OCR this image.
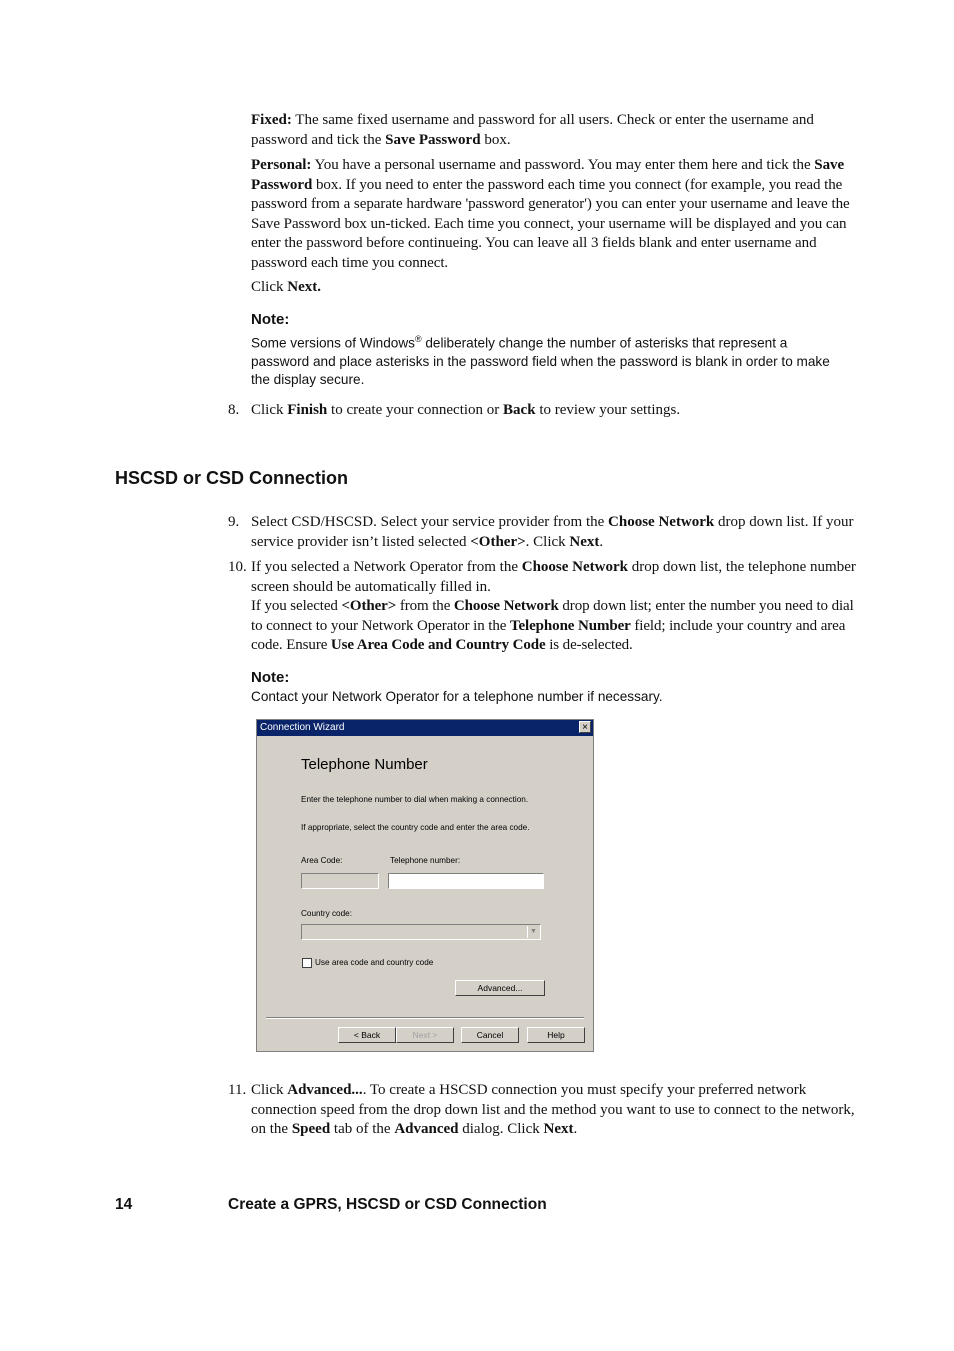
Fixed: The same fixed username and password for all users. Check or enter the username and password and tick the Save Password box.

Personal: You have a personal username and password. You may enter them here and tick the Save Password box. If you need to enter the password each time you connect (for example, you read the password from a separate hardware 'password generator') you can enter your username and leave the Save Password box un-ticked. Each time you connect, your username will be displayed and you can enter the password before continueing. You can leave all 3 fields blank and enter username and password each time you connect.

Click Next.

Note:

Some versions of Windows® deliberately change the number of asterisks that represent a password and place asterisks in the password field when the password is blank in order to make the display secure.

8. Click Finish to create your connection or Back to review your settings.

HSCSD or CSD Connection
9. Select CSD/HSCSD. Select your service provider from the Choose Network drop down list. If your service provider isn’t listed selected <Other>. Click Next.

10. If you selected a Network Operator from the Choose Network drop down list, the telephone number screen should be automatically filled in.

If you selected <Other> from the Choose Network drop down list; enter the number you need to dial to connect to your Network Operator in the Telephone Number field; include your country and area code. Ensure Use Area Code and Country Code is de-selected.

Note:
Contact your Network Operator for a telephone number if necessary.
Connection Wizard	×
Telephone Number
Enter the telephone number to dial when making a connection.
If appropriate, select the country code and enter the area code.
Area Code:	Telephone number:
Country code:
▼
Use area code and country code
Advanced...
< Back	Next >	Cancel	Help
11. Click Advanced.... To create a HSCSD connection you must specify your preferred network connection speed from the drop down list and the method you want to use to connect to the network, on the Speed tab of the Advanced dialog. Click Next.

14	Create a GPRS, HSCSD or CSD Connection
